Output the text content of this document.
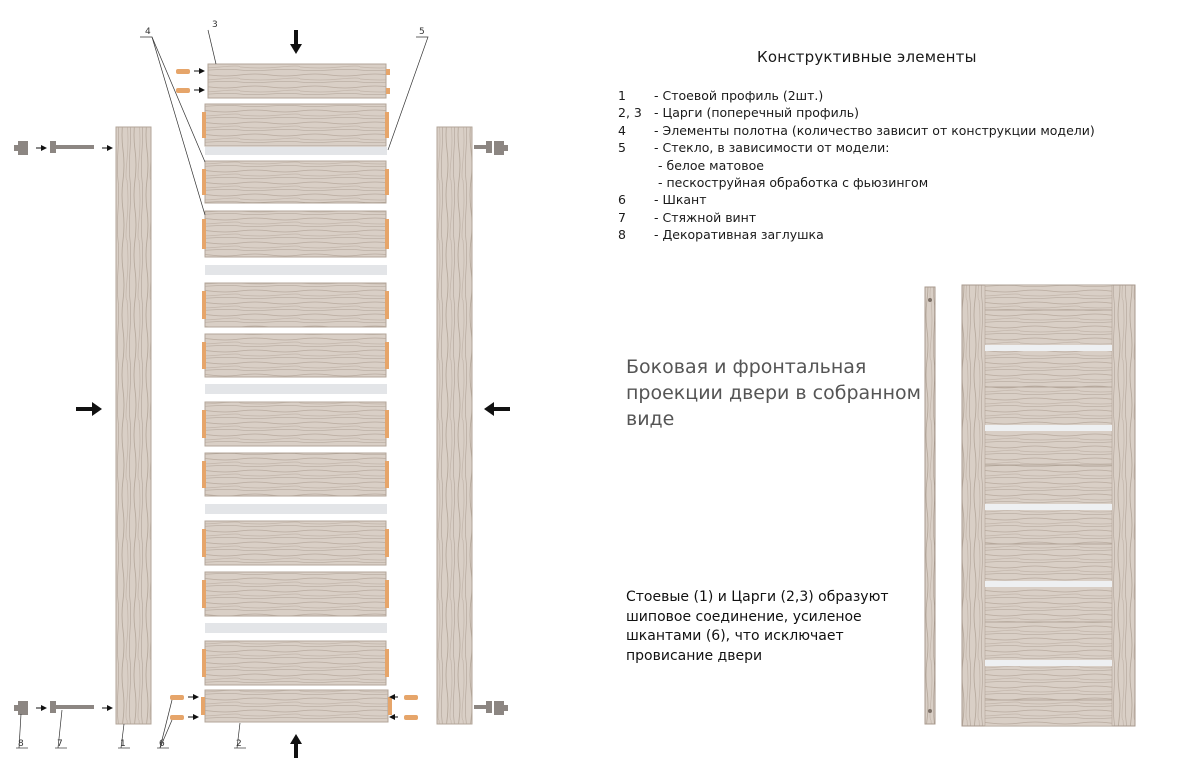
3
4	5
8	7	1	6	2
Конструктивные элементы
1	- Стоевой профиль (2шт.)
2, 3 - Царги (поперечный профиль)
4	- Элементы полотна (количество зависит от конструкции модели)
5	- Стекло, в зависимости от модели:
- белое матовое
- пескоструйная обработка с фьюзингом
6	- Шкант
7	- Стяжной винт
8	- Декоративная заглушка
Боковая и фронтальная проекции двери в собранном виде
Стоевые (1) и Царги (2,3) образуют шиповое соединение, усиленое шкантами (6), что исключает провисание двери
